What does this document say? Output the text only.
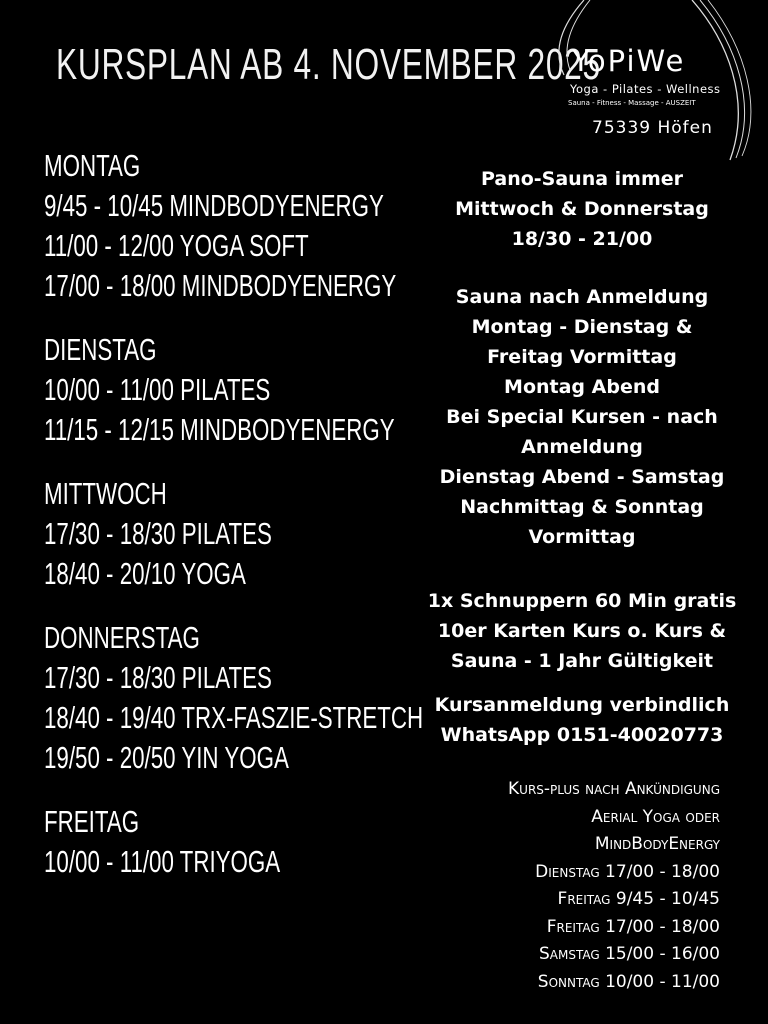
KURSPLAN AB 4. NOVEMBER 2025
YoPiWe
Yoga - Pilates - Wellness
Sauna - Fitness - Massage - AUSZEIT
75339 Höfen
MONTAG
9/45 - 10/45 MINDBODYENERGY
11/00 - 12/00 YOGA SOFT
17/00 - 18/00 MINDBODYENERGY
DIENSTAG
10/00 - 11/00 PILATES
11/15 - 12/15 MINDBODYENERGY
MITTWOCH
17/30 - 18/30 PILATES
18/40 - 20/10 YOGA
DONNERSTAG
17/30 - 18/30 PILATES
18/40 - 19/40 TRX-FASZIE-STRETCH
19/50 - 20/50 YIN YOGA
FREITAG
10/00 - 11/00 TRIYOGA
Pano-Sauna immer
Mittwoch & Donnerstag
18/30 - 21/00
Sauna nach Anmeldung
Montag - Dienstag &
Freitag Vormittag
Montag Abend
Bei Special Kursen - nach
Anmeldung
Dienstag Abend - Samstag
Nachmittag & Sonntag
Vormittag
1x Schnuppern 60 Min gratis
10er Karten Kurs o. Kurs &
Sauna - 1 Jahr Gültigkeit
Kursanmeldung verbindlich
WhatsApp 0151-40020773
Kurs-plus nach Ankündigung
Aerial Yoga oder
MindBodyEnergy
Dienstag 17/00 - 18/00
Freitag 9/45 - 10/45
Freitag 17/00 - 18/00
Samstag 15/00 - 16/00
Sonntag 10/00 - 11/00
